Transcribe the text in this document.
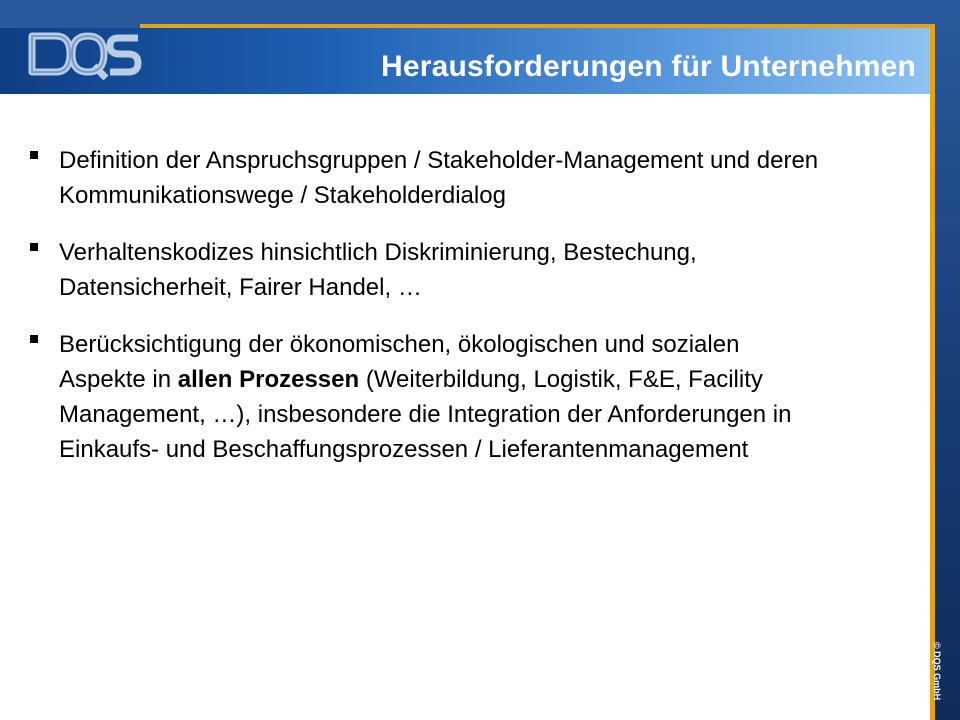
Herausforderungen für Unternehmen
Definition der Anspruchsgruppen / Stakeholder-Management und deren Kommunikationswege / Stakeholderdialog
Verhaltenskodizes hinsichtlich Diskriminierung, Bestechung, Datensicherheit, Fairer Handel, …
Berücksichtigung der ökonomischen, ökologischen und sozialen Aspekte in allen Prozessen (Weiterbildung, Logistik, F&E, Facility Management, …), insbesondere die Integration der Anforderungen in Einkaufs- und Beschaffungsprozessen / Lieferantenmanagement
© DQS GmbH
